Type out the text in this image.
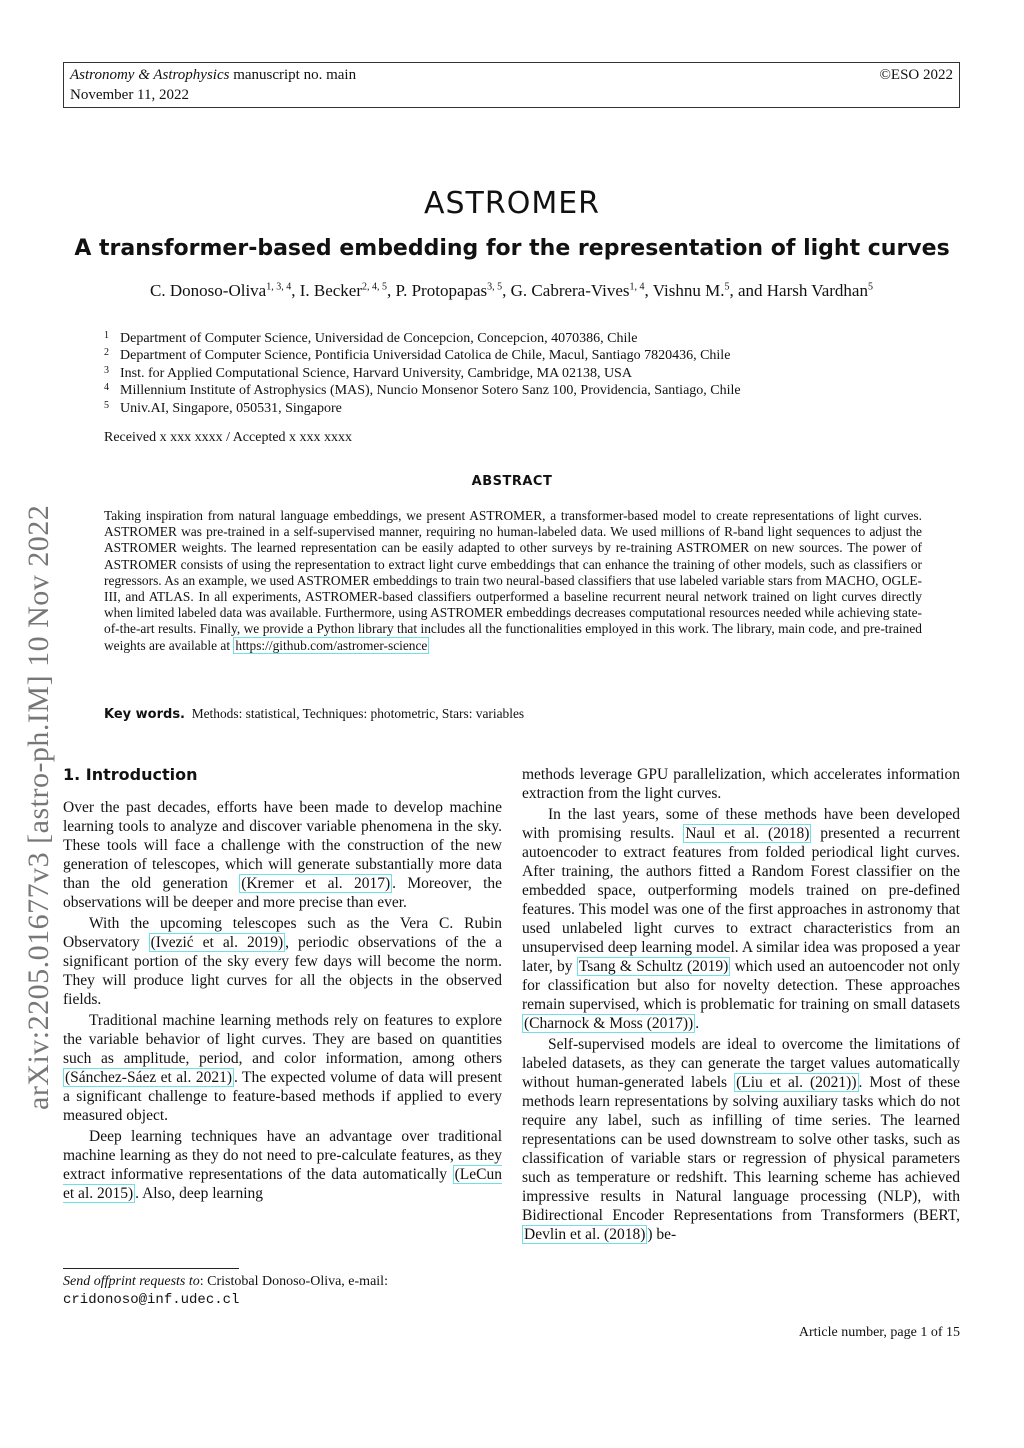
Astronomy & Astrophysics manuscript no. main
November 11, 2022
©ESO 2022
arXiv:2205.01677v3 [astro-ph.IM] 10 Nov 2022
ASTROMER
A transformer-based embedding for the representation of light curves
C. Donoso-Oliva$^{1, 3, 4}$, I. Becker$^{2, 4, 5}$, P. Protopapas$^{3, 5}$, G. Cabrera-Vives$^{1, 4}$, Vishnu M.$^5$, and Harsh Vardhan$^5$
1 Department of Computer Science, Universidad de Concepcion, Concepcion, 4070386, Chile
2 Department of Computer Science, Pontificia Universidad Catolica de Chile, Macul, Santiago 7820436, Chile
3 Inst. for Applied Computational Science, Harvard University, Cambridge, MA 02138, USA
4 Millennium Institute of Astrophysics (MAS), Nuncio Monsenor Sotero Sanz 100, Providencia, Santiago, Chile
5 Univ.AI, Singapore, 050531, Singapore
Received x xxx xxxx / Accepted x xxx xxxx
ABSTRACT
Taking inspiration from natural language embeddings, we present ASTROMER, a transformer-based model to create representations of light curves. ASTROMER was pre-trained in a self-supervised manner, requiring no human-labeled data. We used millions of R-band light sequences to adjust the ASTROMER weights. The learned representation can be easily adapted to other surveys by re-training ASTROMER on new sources. The power of ASTROMER consists of using the representation to extract light curve embeddings that can enhance the training of other models, such as classifiers or regressors. As an example, we used ASTROMER embeddings to train two neural-based classifiers that use labeled variable stars from MACHO, OGLE-III, and ATLAS. In all experiments, ASTROMER-based classifiers outperformed a baseline recurrent neural network trained on light curves directly when limited labeled data was available. Furthermore, using ASTROMER embeddings decreases computational resources needed while achieving state-of-the-art results. Finally, we provide a Python library that includes all the functionalities employed in this work. The library, main code, and pre-trained weights are available at https://github.com/astromer-science
Key words. Methods: statistical, Techniques: photometric, Stars: variables
1. Introduction

Over the past decades, efforts have been made to develop machine learning tools to analyze and discover variable phenomena in the sky. These tools will face a challenge with the construction of the new generation of telescopes, which will generate substantially more data than the old generation (Kremer et al. 2017) . Moreover, the observations will be deeper and more precise than ever.

With the upcoming telescopes such as the Vera C. Rubin Observatory (Ivezić et al. 2019) , periodic observations of the a significant portion of the sky every few days will become the norm. They will produce light curves for all the objects in the observed fields.

Traditional machine learning methods rely on features to explore the variable behavior of light curves. They are based on quantities such as amplitude, period, and color information, among others (Sánchez-Sáez et al. 2021) . The expected volume of data will present a significant challenge to feature-based methods if applied to every measured object.

Deep learning techniques have an advantage over traditional machine learning as they do not need to pre-calculate features, as they extract informative representations of the data automatically (LeCun et al. 2015) . Also, deep learning

methods leverage GPU parallelization, which accelerates information extraction from the light curves.

In the last years, some of these methods have been developed with promising results. Naul et al. (2018) presented a recurrent autoencoder to extract features from folded periodical light curves. After training, the authors fitted a Random Forest classifier on the embedded space, outperforming models trained on pre-defined features. This model was one of the first approaches in astronomy that used unlabeled light curves to extract characteristics from an unsupervised deep learning model. A similar idea was proposed a year later, by Tsang & Schultz (2019) which used an autoencoder not only for classification but also for novelty detection. These approaches remain supervised, which is problematic for training on small datasets (Charnock & Moss (2017)) .

Self-supervised models are ideal to overcome the limitations of labeled datasets, as they can generate the target values automatically without human-generated labels (Liu et al. (2021)) . Most of these methods learn representations by solving auxiliary tasks which do not require any label, such as infilling of time series. The learned representations can be used downstream to solve other tasks, such as classification of variable stars or regression of physical parameters such as temperature or redshift. This learning scheme has achieved impressive results in Natural language processing (NLP), with Bidirectional Encoder Representations from Transformers (BERT, Devlin et al. (2018) ) be-

Send offprint requests to: Cristobal Donoso-Oliva, e-mail:
cridonoso@inf.udec.cl
Article number, page 1 of 15
